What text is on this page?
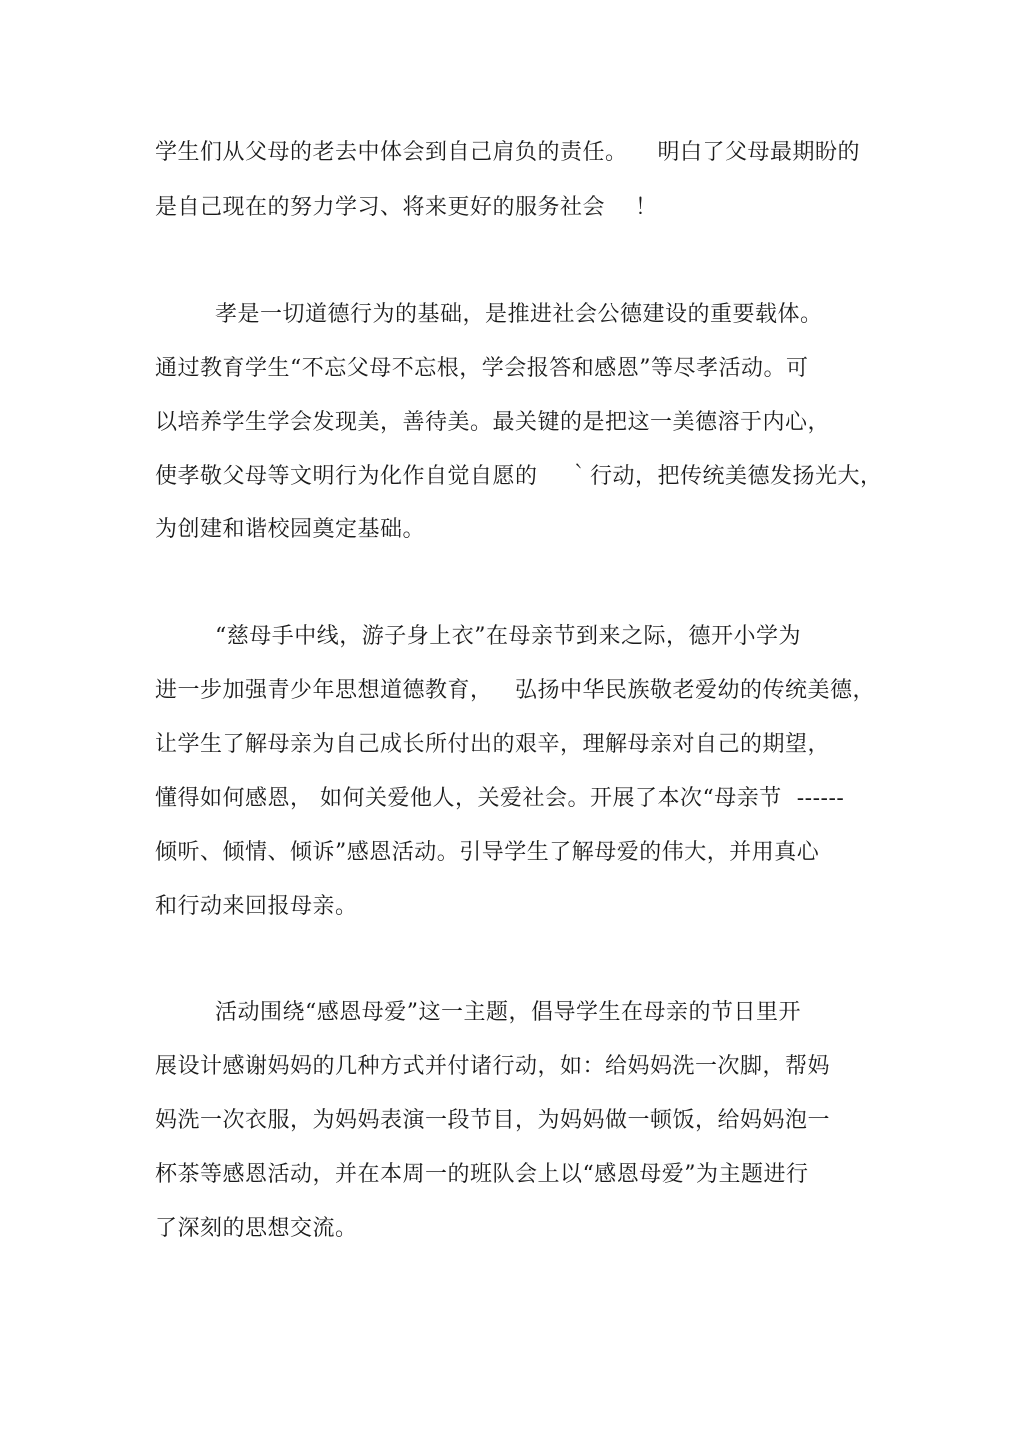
学生们从父母的老去中体会到自己肩负的责任。    明白了父母最期盼的
是自己现在的努力学习、将来更好的服务社会    ！
孝是一切道德行为的基础，是推进社会公德建设的重要载体。
通过教育学生“不忘父母不忘根，学会报答和感恩”等尽孝活动。可
以培养学生学会发现美，善待美。最关键的是把这一美德溶于内心，
使孝敬父母等文明行为化作自觉自愿的    ｀行动，把传统美德发扬光大，
为创建和谐校园奠定基础。
“慈母手中线，游子身上衣”在母亲节到来之际，德开小学为
进一步加强青少年思想道德教育，   弘扬中华民族敬老爱幼的传统美德，
让学生了解母亲为自己成长所付出的艰辛，理解母亲对自己的期望，
懂得如何感恩， 如何关爱他人，关爱社会。开展了本次“母亲节  ------
倾听、倾情、倾诉”感恩活动。引导学生了解母爱的伟大，并用真心
和行动来回报母亲。
活动围绕“感恩母爱”这一主题，倡导学生在母亲的节日里开
展设计感谢妈妈的几种方式并付诸行动，如：给妈妈洗一次脚，帮妈
妈洗一次衣服，为妈妈表演一段节目，为妈妈做一顿饭，给妈妈泡一
杯茶等感恩活动，并在本周一的班队会上以“感恩母爱”为主题进行
了深刻的思想交流。
